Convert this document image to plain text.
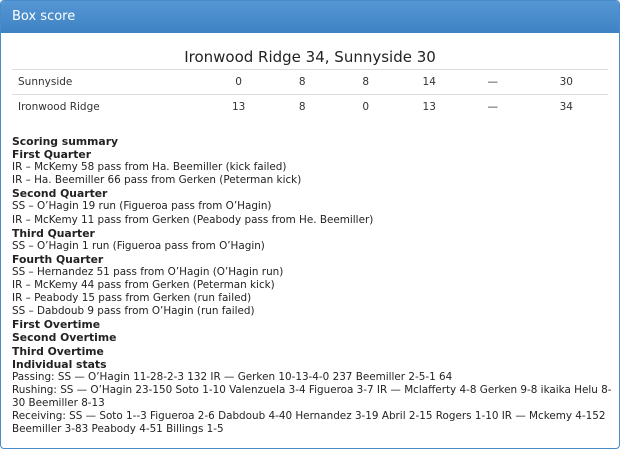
Box score
Ironwood Ridge 34, Sunnyside 30
Sunnyside	0	8	8	14	—	30
Ironwood Ridge	13	8	0	13	—	34
Scoring summary
First Quarter
IR – McKemy 58 pass from Ha. Beemiller (kick failed)
IR – Ha. Beemiller 66 pass from Gerken (Peterman kick)
Second Quarter
SS – O’Hagin 19 run (Figueroa pass from O’Hagin)
IR – McKemy 11 pass from Gerken (Peabody pass from He. Beemiller)
Third Quarter
SS – O’Hagin 1 run (Figueroa pass from O’Hagin)
Fourth Quarter
SS – Hernandez 51 pass from O’Hagin (O’Hagin run)
IR – McKemy 44 pass from Gerken (Peterman kick)
IR – Peabody 15 pass from Gerken (run failed)
SS – Dabdoub 9 pass from O’Hagin (run failed)
First Overtime
Second Overtime
Third Overtime
Individual stats
Passing: SS — O’Hagin 11-28-2-3 132 IR — Gerken 10-13-4-0 237 Beemiller 2-5-1 64
Rushing: SS — O’Hagin 23-150 Soto 1-10 Valenzuela 3-4 Figueroa 3-7 IR — Mclafferty 4-8 Gerken 9-8 ikaika Helu 8-30 Beemiller 8-13
Receiving: SS — Soto 1--3 Figueroa 2-6 Dabdoub 4-40 Hernandez 3-19 Abril 2-15 Rogers 1-10 IR — Mckemy 4-152 Beemiller 3-83 Peabody 4-51 Billings 1-5
